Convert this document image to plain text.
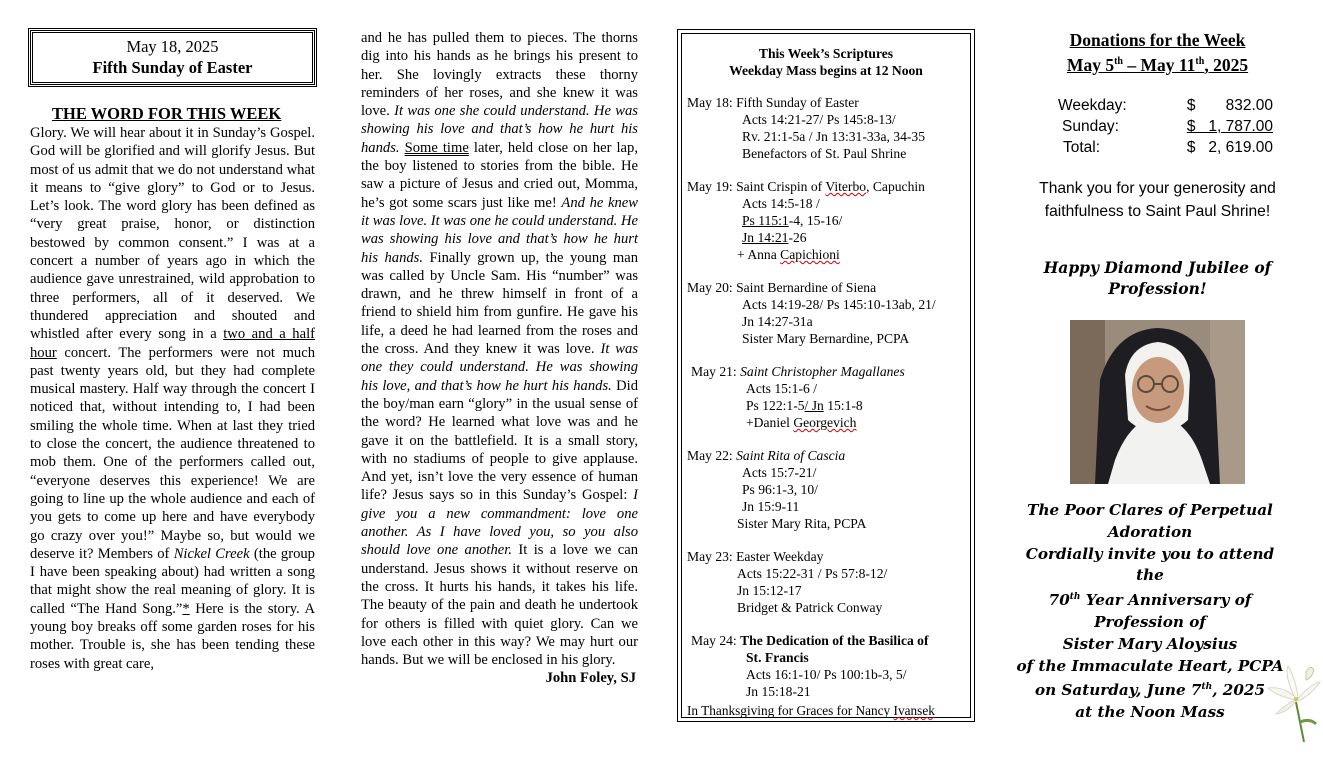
May 18, 2025
Fifth Sunday of Easter
THE WORD FOR THIS WEEK

Glory. We will hear about it in Sunday’s Gospel. God will be glorified and will glorify Jesus. But most of us admit that we do not understand what it means to “give glory” to God or to Jesus. Let’s look. The word glory has been defined as “very great praise, honor, or distinction bestowed by common consent.” I was at a concert a number of years ago in which the audience gave unrestrained, wild approbation to three performers, all of it deserved. We thundered appreciation and shouted and whistled after every song in a two and a half hour concert. The performers were not much past twenty years old, but they had complete musical mastery. Half way through the concert I noticed that, without intending to, I had been smiling the whole time. When at last they tried to close the concert, the audience threatened to mob them. One of the performers called out, “everyone deserves this experience! We are going to line up the whole audience and each of you gets to come up here and have everybody go crazy over you!” Maybe so, but would we deserve it? Members of Nickel Creek (the group I have been speaking about) had written a song that might show the real meaning of glory. It is called “The Hand Song.”* Here is the story. A young boy breaks off some garden roses for his mother. Trouble is, she has been tending these roses with great care,

and he has pulled them to pieces. The thorns dig into his hands as he brings his present to her. She lovingly extracts these thorny reminders of her roses, and she knew it was love. It was one she could understand. He was showing his love and that’s how he hurt his hands. Some time later, held close on her lap, the boy listened to stories from the bible. He saw a picture of Jesus and cried out, Momma, he’s got some scars just like me! And he knew it was love. It was one he could understand. He was showing his love and that’s how he hurt his hands. Finally grown up, the young man was called by Uncle Sam. His “number” was drawn, and he threw himself in front of a friend to shield him from gunfire. He gave his life, a deed he had learned from the roses and the cross. And they knew it was love. It was one they could understand. He was showing his love, and that’s how he hurt his hands. Did the boy/man earn “glory” in the usual sense of the word? He learned what love was and he gave it on the battlefield. It is a small story, with no stadiums of people to give applause. And yet, isn’t love the very essence of human life? Jesus says so in this Sunday’s Gospel: I give you a new commandment: love one another. As I have loved you, so you also should love one another. It is a love we can understand. Jesus shows it without reserve on the cross. It hurts his hands, it takes his life. The beauty of the pain and death he undertook for others is filled with quiet glory. Can we love each other in this way? We may hurt our hands. But we will be enclosed in his glory.
John Foley, SJ

This Week’s Scriptures
Weekday Mass begins at 12 Noon
May 18: Fifth Sunday of Easter
Acts 14:21-27/ Ps 145:8-13/
Rv. 21:1-5a / Jn 13:31-33a, 34-35
Benefactors of St. Paul Shrine
May 19: Saint Crispin of Viterbo, Capuchin
Acts 14:5-18 /
Ps 115:1-4, 15-16/
Jn 14:21-26
+ Anna Capichioni
May 20: Saint Bernardine of Siena
Acts 14:19-28/ Ps 145:10-13ab, 21/
Jn 14:27-31a
Sister Mary Bernardine, PCPA
May 21: Saint Christopher Magallanes
Acts 15:1-6 /
Ps 122:1-5/ Jn 15:1-8
+Daniel Georgevich
May 22: Saint Rita of Cascia
Acts 15:7-21/
Ps 96:1-3, 10/
Jn 15:9-11
Sister Mary Rita, PCPA
May 23: Easter Weekday
Acts 15:22-31 / Ps 57:8-12/
Jn 15:12-17
Bridget & Patrick Conway
May 24: The Dedication of the Basilica of
St. Francis
Acts 16:1-10/ Ps 100:1b-3, 5/
Jn 15:18-21
In Thanksgiving for Graces for Nancy Ivansek
Donations for the Week
May 5th – May 11th, 2025
Weekday:	$       832.00
Sunday:	$   1, 787.00
Total:	$   2, 619.00
Thank you for your generosity and faithfulness to Saint Paul Shrine!
Happy Diamond Jubilee of Profession!
The Poor Clares of Perpetual Adoration
Cordially invite you to attend the
70th Year Anniversary of Profession of
Sister Mary Aloysius
of the Immaculate Heart, PCPA
on Saturday, June 7th, 2025
at the Noon Mass
